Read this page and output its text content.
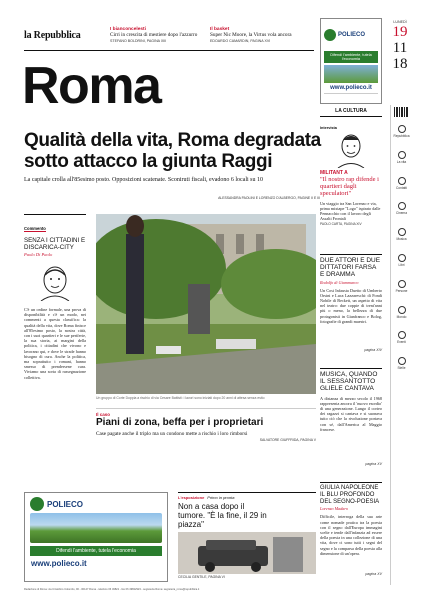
la Repubblica
I bianconcelesti
Cirri in crescita di mestiere dopo l'azzurro
STEFANO BOLDRINI, PAGINA XIII
Il basket
Super Nic Moore, la Virtus vola ancora
EDOARDO CAMARDIN, PAGINA XVI
Roma
POLIECO
Difendi l'ambiente, tutela l'economia
www.polieco.it
LUNEDÌ
19
11
18
Repubblica
La vita
Contatti
Cinema
Musica
Libri
Persone
Mondo
Eventi
Stelle
Qualità della vita, Roma degradata sotto attacco la giunta Raggi
La capitale crolla all'85esimo posto. Opposizioni scatenate. Sconiruti fiscali, evadono 6 locali su 10
ALESSANDRA PAOLINI E LORENZO D'ALBERGO, PAGINE II E III
LA CULTURA
Commento
SENZA I CITTADINI E DISCARICA-CITY
Paolo Di Paolo
C'è un ordine formale, una prova di disponibilità e c'è un modo, nei commenti a questa classifica: la qualità della vita, dove Roma finisce all'85esimo posto, la nostra città, con i suoi quartieri e le sue periferie, la sua storia, ai margini della politica, i cittadini che vivono e lavorano qui, e dove le strade hanno bisogno di cura. Anche la politica, ma soprattutto i romani, hanno smesso di prendersene cura. Viviamo una sorta di rassegnazione collettiva.
Un gruppo di Corte Doppia a rischio di via Cesare Battisti: i lavori sono iniziati dopo 20 anni di attesa senza esito
Il caso
Piani di zona, beffa per i proprietari
Case pagate anche il triplo ma un condono mette a rischio i loro rimborsi
SALVATORE GIUFFRIDA, PAGINA V
Intervista
MILITANT A
"Il nostro rap difende i quartieri dagli speculatori"
Un viaggio tra San Lorenzo e via, prima mixtape "Logo" ispirato dalle Pennacchio con il lavoro degli Assalti Frontali
PAOLO CARTA, PAGINA XIV
DUE ATTORI E DUE DITTATORI FARSA E DRAMMA
Rodolfo di Giammarco
Un Cosi Infausta Duetto di Umberto Orsini e Luca Lazzareschi: di Fondi Nobile di Beckett, un aspetto di vita nel teatro: due coppie di trent'anni più o meno, la bellezza di due protagonisti in Gianfranco e Bolog, fotografie di grandi maestri.
pagina XIV
MUSICA, QUANDO IL SESSANTOTTO GLIELE CANTAVA
A distanza di mezzo secolo il 1968 rappresenta ancora il 'nuovo esordio' di una generazione. Lungo il corteo dei ragazzi si cantava e si suonava tutto ciò che la rivoluzione portava con sé, dall'America al Maggio francese.
pagina XV
GIULIA NAPOLEONE IL BLU PROFONDO DEL SEGNO-POESIA
Lorenzo Madaro
Difficile, interroga della sua arte come nomade pratica tra la poesia con il segno dall'Europa immagini scelte e tende dall'infanzia ad essere della poesia in una collezione di una vita, dove ci sono tutti i segni del segno e la comparsa della poesia alla dimensione di un'opera.
pagina XV
POLIECO
Difendi l'ambiente, tutela l'economia
www.polieco.it
L'esposizione Primo in pronta
Non a casa dopo il tumore. "È la fine, il 29 in piazza"
CECILIA GENTILE, PAGINA VI
Redazione di Roma: via Cristoforo Colombo, 90 - 00147 Roma - telefono 06 49821 - fax 06 49822923 - segreteria Roma: segreteria_roma@repubblica.it
